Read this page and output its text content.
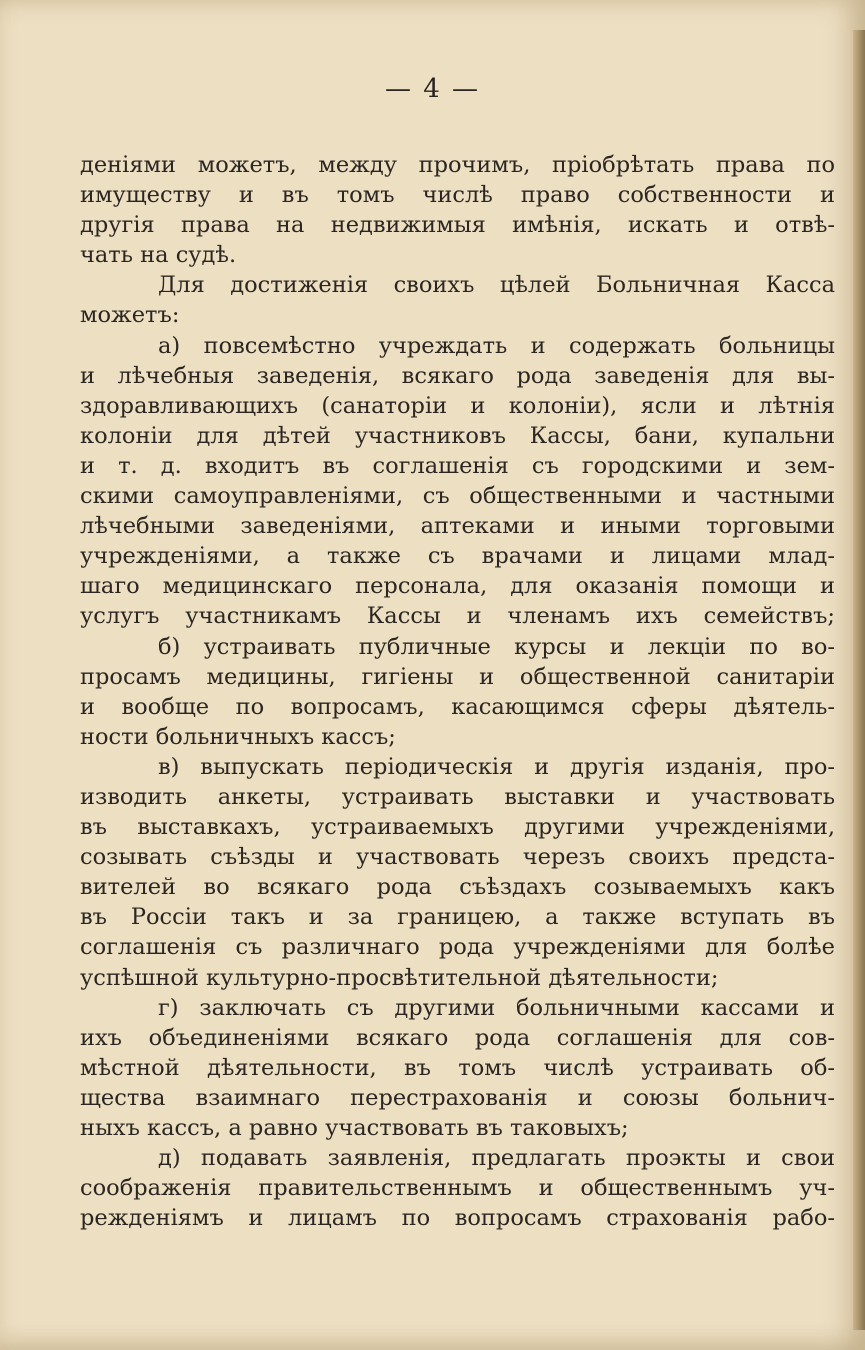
— 4 —
деніями можетъ, между прочимъ, пріобрѣтать права по
имуществу и въ томъ числѣ право собственности и
другія права на недвижимыя имѣнія, искать и отвѣ-
чать на судѣ.
Для достиженія своихъ цѣлей Больничная Касса
можетъ:
а) повсемѣстно учреждать и содержать больницы
и лѣчебныя заведенія, всякаго рода заведенія для вы-
здоравливающихъ (санаторіи и колоніи), ясли и лѣтнія
колоніи для дѣтей участниковъ Кассы, бани, купальни
и т. д. входитъ въ соглашенія съ городскими и зем-
скими самоуправленіями, съ общественными и частными
лѣчебными заведеніями, аптеками и иными торговыми
учрежденіями, а также съ врачами и лицами млад-
шаго медицинскаго персонала, для оказанія помощи и
услугъ участникамъ Кассы и членамъ ихъ семействъ;
б) устраивать публичные курсы и лекціи по во-
просамъ медицины, гигіены и общественной санитаріи
и вообще по вопросамъ, касающимся сферы дѣятель-
ности больничныхъ кассъ;
в) выпускать періодическія и другія изданія, про-
изводить анкеты, устраивать выставки и участвовать
въ выставкахъ, устраиваемыхъ другими учрежденіями,
созывать съѣзды и участвовать черезъ своихъ предста-
вителей во всякаго рода съѣздахъ созываемыхъ какъ
въ Россіи такъ и за границею, а также вступать въ
соглашенія съ различнаго рода учрежденіями для болѣе
успѣшной культурно-просвѣтительной дѣятельности;
г) заключать съ другими больничными кассами и
ихъ объединеніями всякаго рода соглашенія для сов-
мѣстной дѣятельности, въ томъ числѣ устраивать об-
щества взаимнаго перестрахованія и союзы больнич-
ныхъ кассъ, а равно участвовать въ таковыхъ;
д) подавать заявленія, предлагать проэкты и свои
соображенія правительственнымъ и общественнымъ уч-
режденіямъ и лицамъ по вопросамъ страхованія рабо-
